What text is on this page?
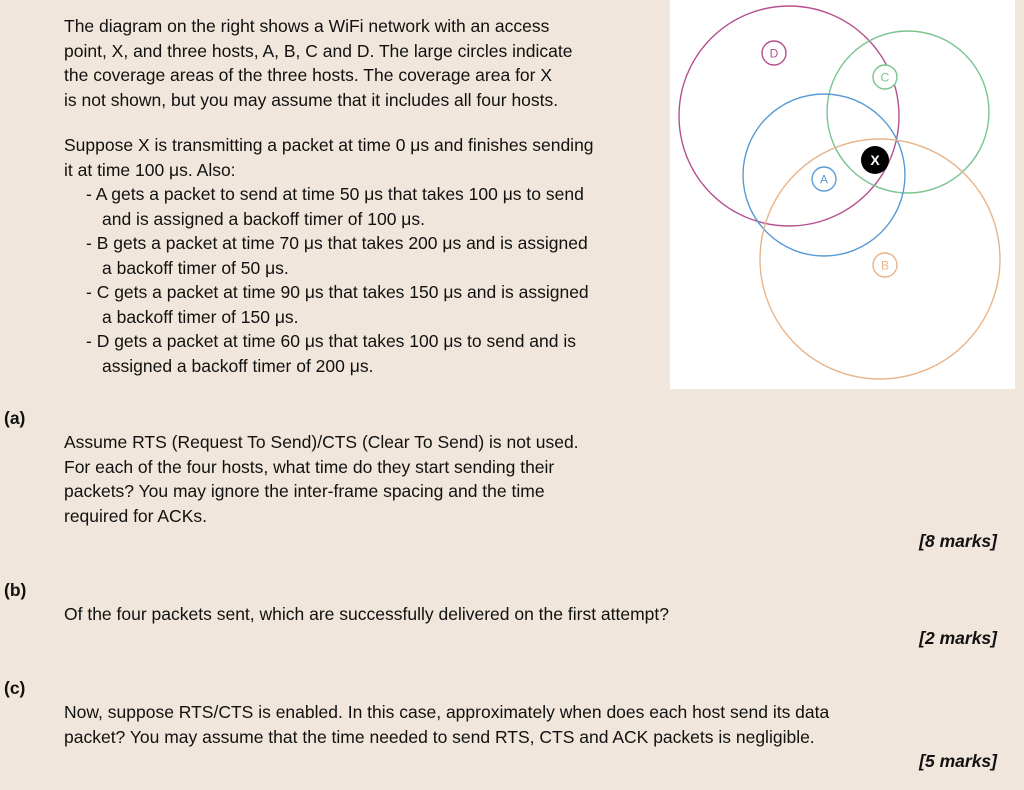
The diagram on the right shows a WiFi network with an access
point, X, and three hosts, A, B, C and D. The large circles indicate
the coverage areas of the three hosts. The coverage area for X
is not shown, but you may assume that it includes all four hosts.
Suppose X is transmitting a packet at time 0 μs and finishes sending
it at time 100 μs. Also:
- A gets a packet to send at time 50 μs that takes 100 μs to send
and is assigned a backoff timer of 100 μs.
- B gets a packet at time 70 μs that takes 200 μs and is assigned
a backoff timer of 50 μs.
- C gets a packet at time 90 μs that takes 150 μs and is assigned
a backoff timer of 150 μs.
- D gets a packet at time 60 μs that takes 100 μs to send and is
assigned a backoff timer of 200 μs.
D
C
A
B
X
(a)
Assume RTS (Request To Send)/CTS (Clear To Send) is not used.
For each of the four hosts, what time do they start sending their
packets? You may ignore the inter-frame spacing and the time
required for ACKs.
[8 marks]
(b)
Of the four packets sent, which are successfully delivered on the first attempt?
[2 marks]
(c)
Now, suppose RTS/CTS is enabled. In this case, approximately when does each host send its data
packet? You may assume that the time needed to send RTS, CTS and ACK packets is negligible.
[5 marks]
